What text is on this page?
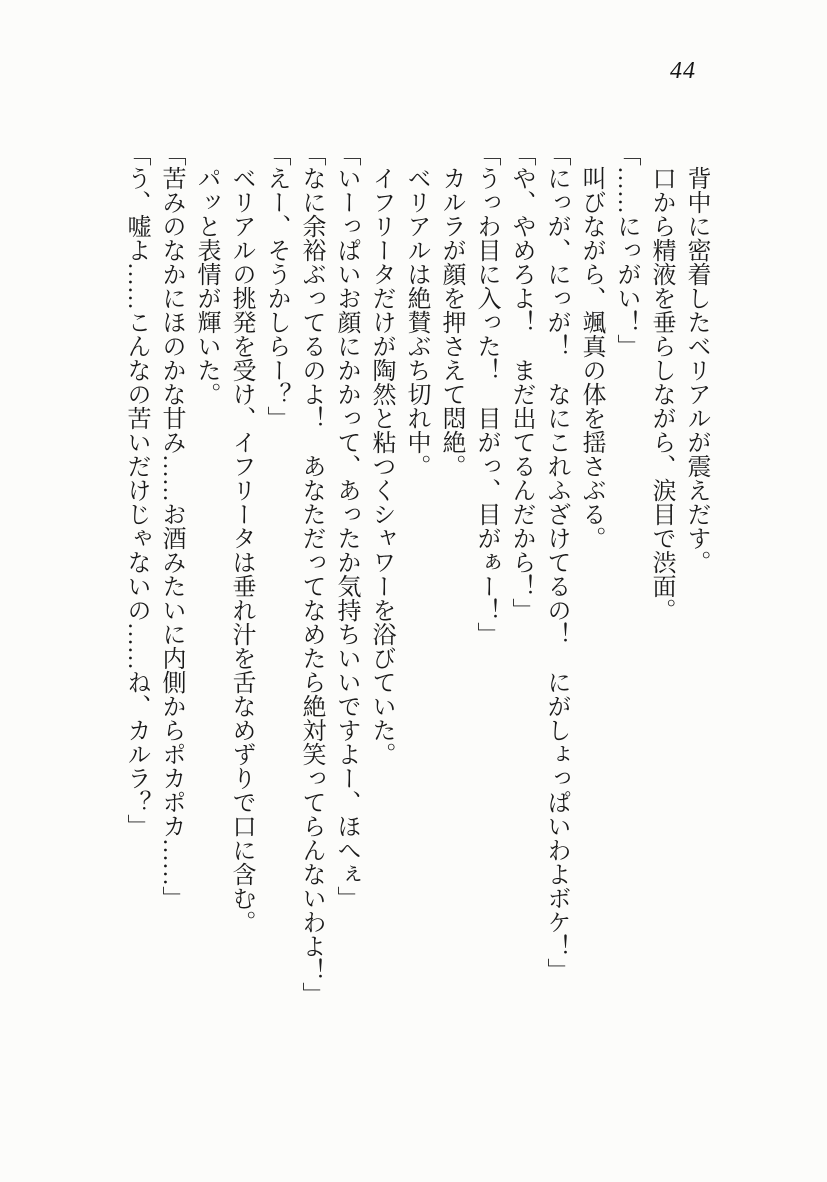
44

背中に密着したベリアルが震えだす。

口から精液を垂らしながら、涙目で渋面。

「……にっがい！」

叫びながら、颯真の体を揺さぶる。

「にっが、にっが！　なにこれふざけてるの！　にがしょっぱいわよボケ！」

「や、やめろよ！　まだ出てるんだから！」

「うっわ目に入った！　目がっ、目がぁー！」

カルラが顔を押さえて悶絶。

ベリアルは絶賛ぶち切れ中。

イフリータだけが陶然と粘つくシャワーを浴びていた。

「いーっぱいお顔にかかって、あったか気持ちいいですよー、ほへぇ」

「なに余裕ぶってるのよ！　あなただってなめたら絶対笑ってらんないわよ！」

「えー、そうかしらー？」

ベリアルの挑発を受け、イフリータは垂れ汁を舌なめずりで口に含む。

パッと表情が輝いた。

「苦みのなかにほのかな甘み……お酒みたいに内側からポカポカ……」

「う、嘘よ……こんなの苦いだけじゃないの……ね、カルラ？」
